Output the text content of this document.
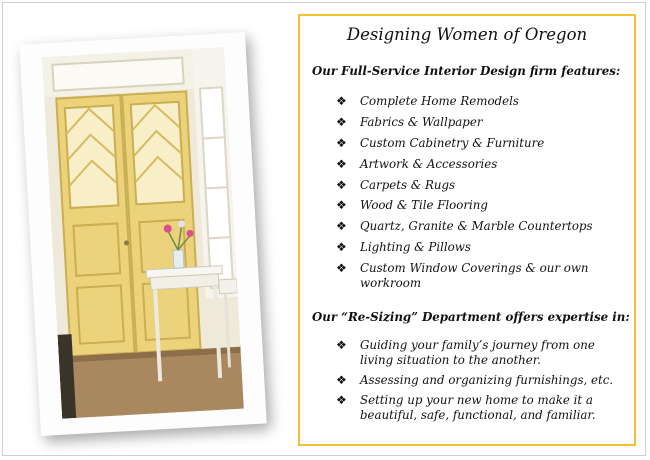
Designing Women of Oregon
Our Full-Service Interior Design firm features:
❖ Complete Home Remodels
❖ Fabrics & Wallpaper
❖ Custom Cabinetry & Furniture
❖ Artwork & Accessories
❖ Carpets & Rugs
❖ Wood & Tile Flooring
❖ Quartz, Granite & Marble Countertops
❖ Lighting & Pillows
❖ Custom Window Coverings & our own workroom
Our “Re-Sizing” Department offers expertise in:
❖ Guiding your family’s journey from one living situation to the another.
❖ Assessing and organizing furnishings, etc.
❖ Setting up your new home to make it a beautiful, safe, functional, and familiar.
